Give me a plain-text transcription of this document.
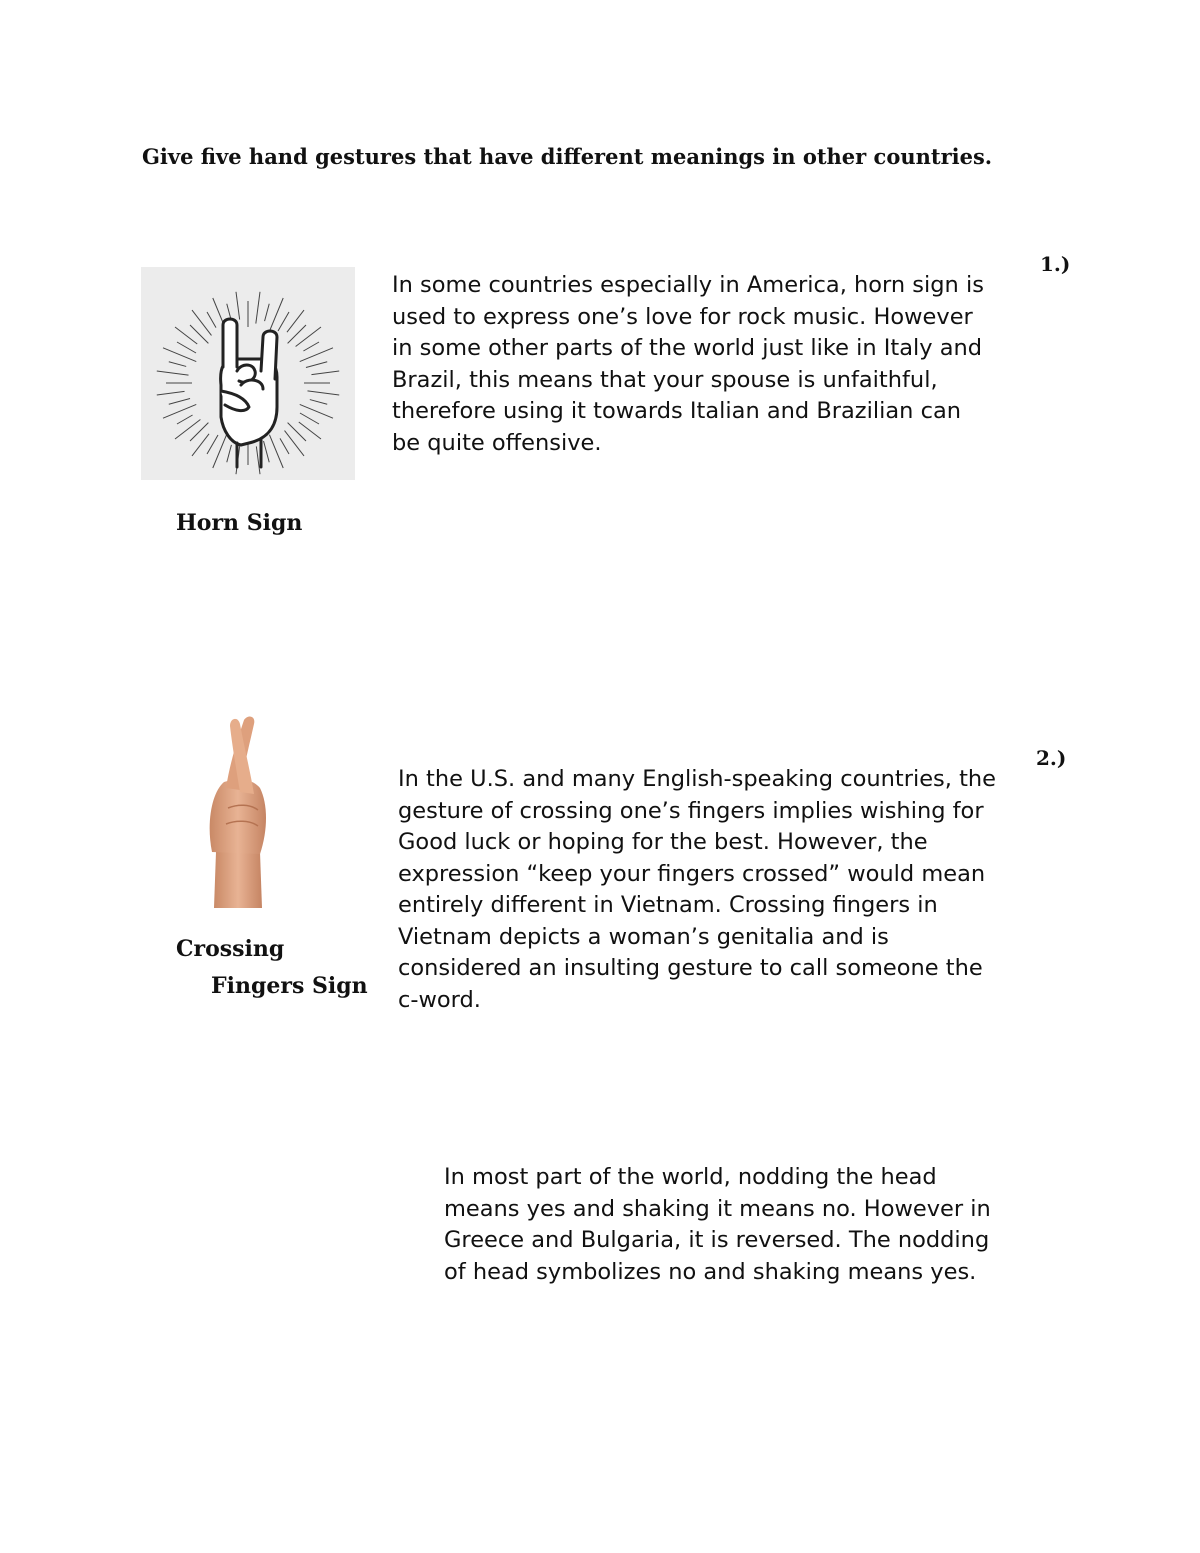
Give five hand gestures that have different meanings in other countries.
1.)

In some countries especially in America, horn sign is used to express one’s love for rock music. However in some other parts of the world just like in Italy and Brazil, this means that your spouse is unfaithful, therefore using it towards Italian and Brazilian can be quite offensive.

Horn Sign
2.)

In the U.S. and many English-speaking countries, the gesture of crossing one’s fingers implies wishing for Good luck or hoping for the best. However, the expression “keep your fingers crossed” would mean entirely different in Vietnam. Crossing fingers in Vietnam depicts a woman’s genitalia and is considered an insulting gesture to call someone the c-word.

Crossing
Fingers Sign

In most part of the world, nodding the head means yes and shaking it means no. However in Greece and Bulgaria, it is reversed. The nodding of head symbolizes no and shaking means yes.
